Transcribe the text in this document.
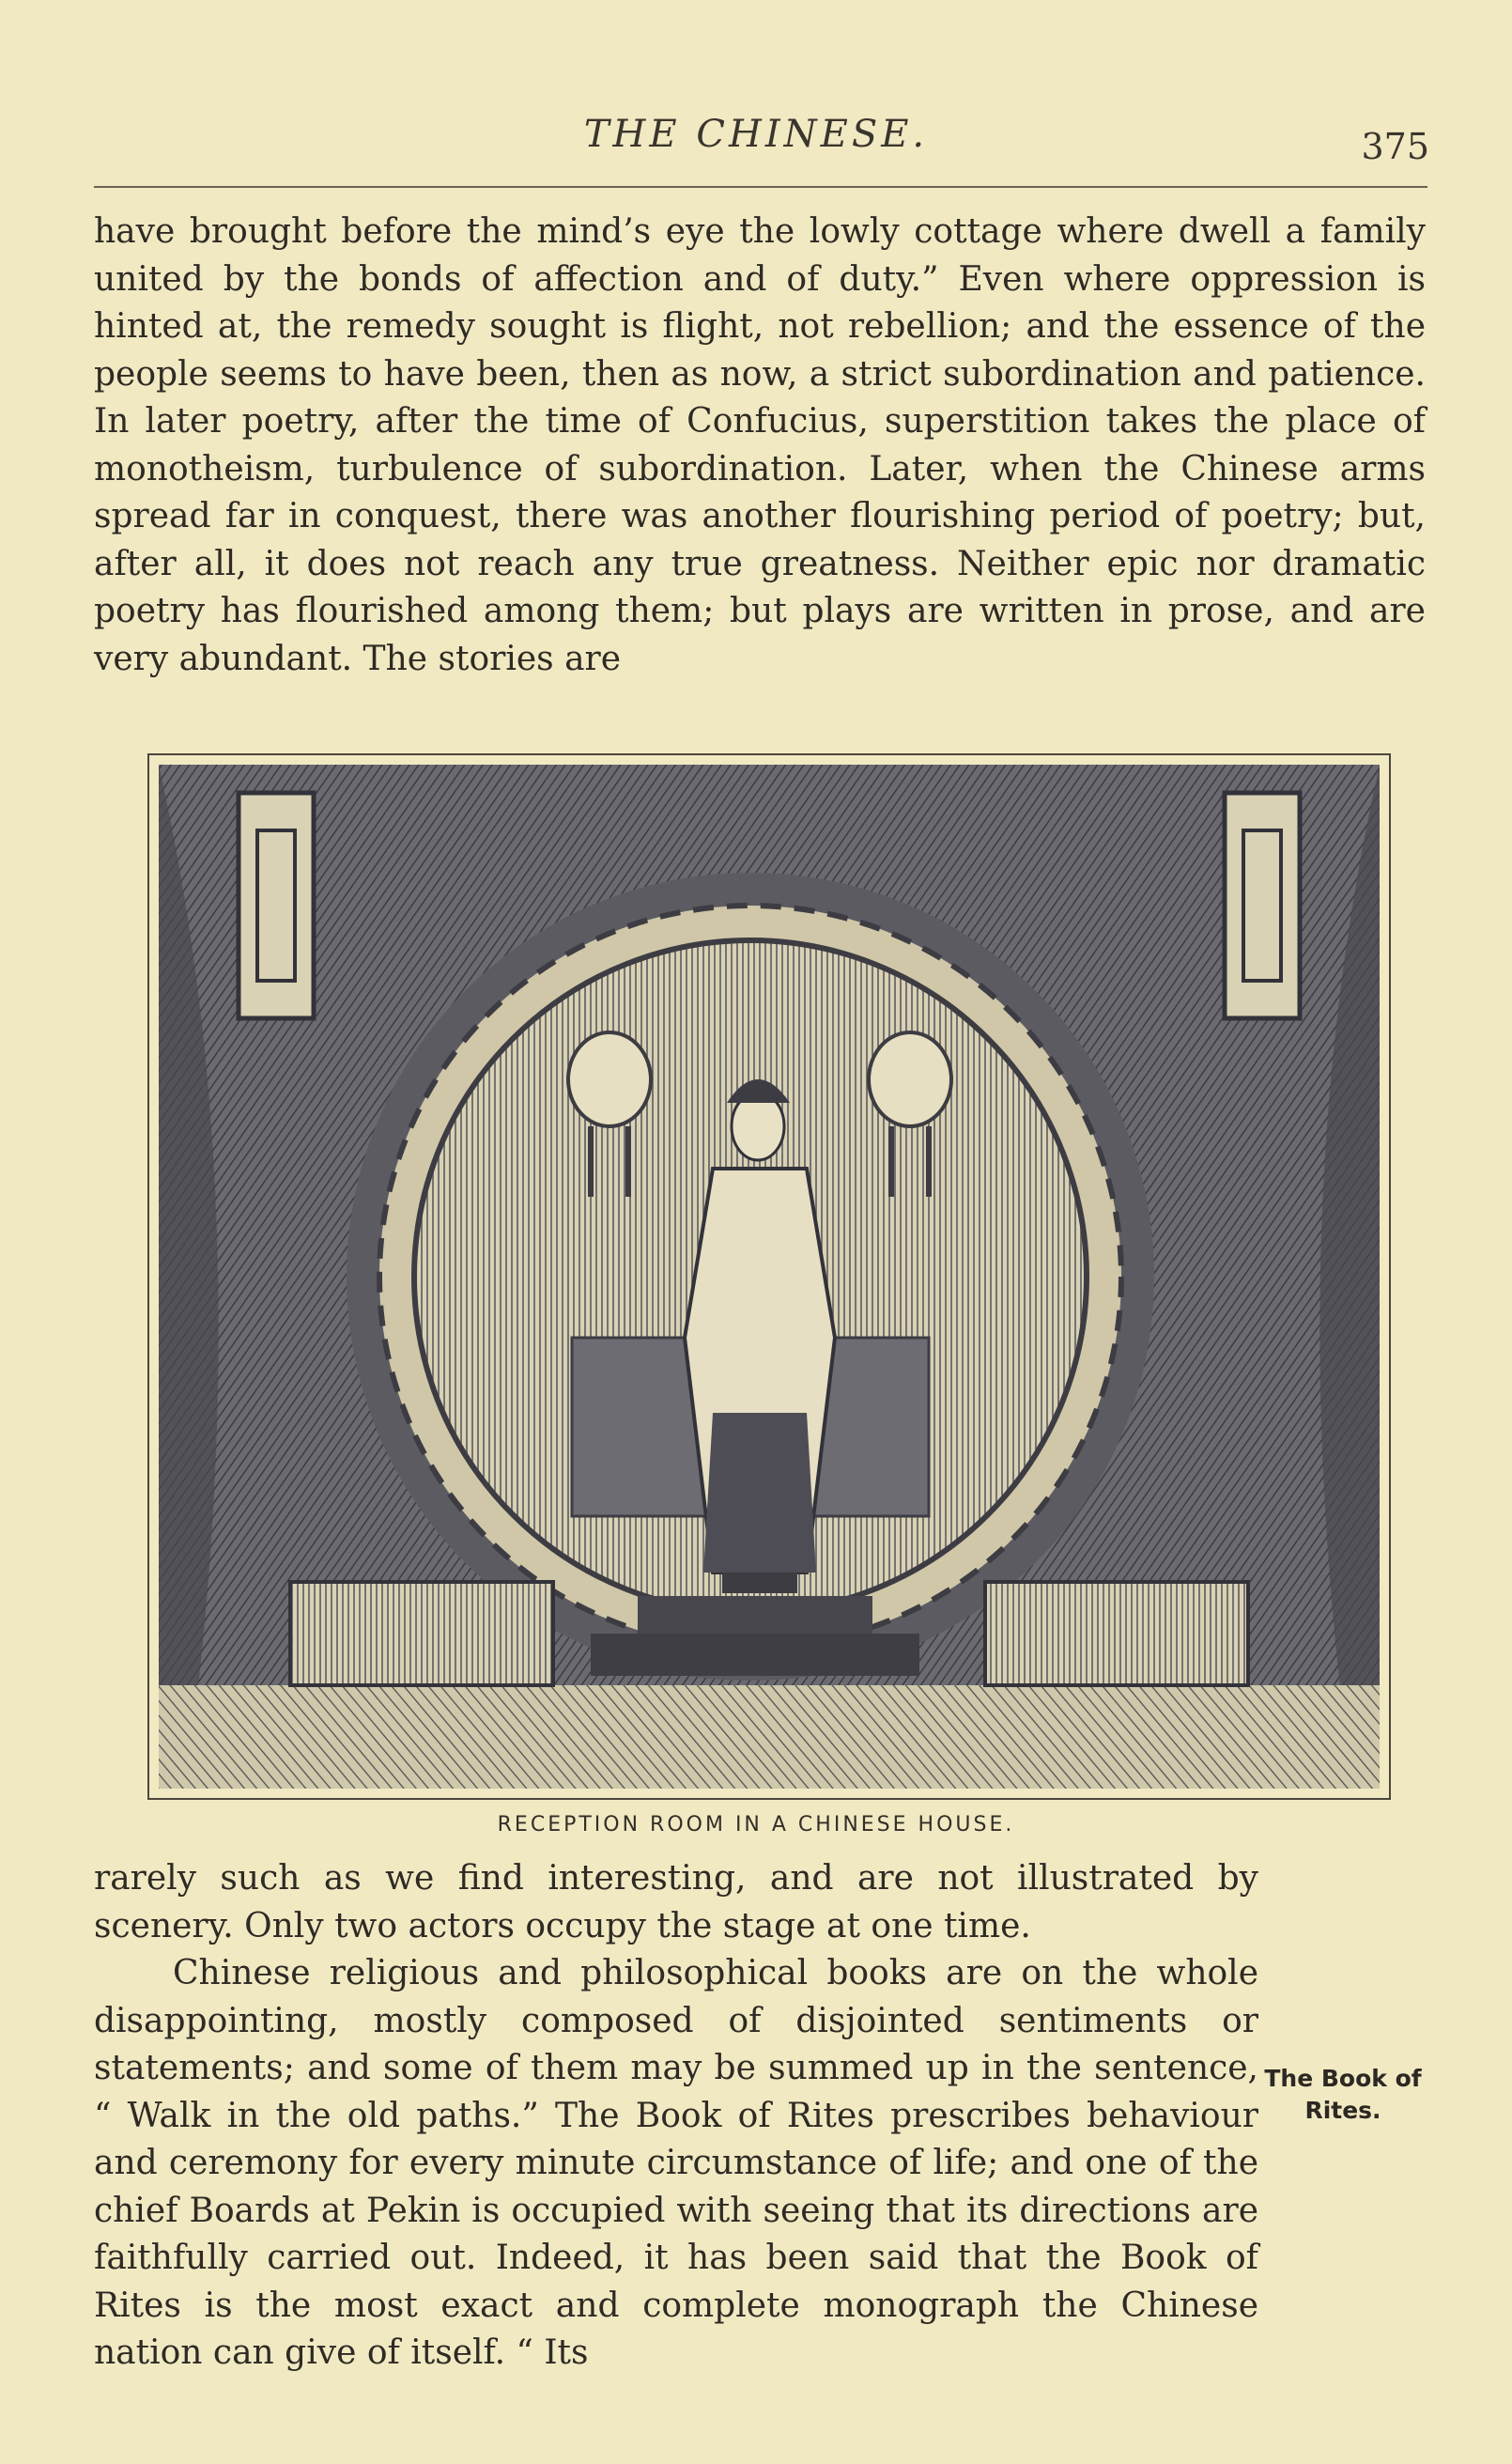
THE CHINESE.	375

have brought before the mind’s eye the lowly cottage where dwell a family united by the bonds of affection and of duty.” Even where oppression is hinted at, the remedy sought is flight, not rebellion; and the essence of the people seems to have been, then as now, a strict subordination and patience. In later poetry, after the time of Confucius, superstition takes the place of monotheism, turbulence of subordination. Later, when the Chinese arms spread far in conquest, there was another flourishing period of poetry; but, after all, it does not reach any true greatness. Neither epic nor dramatic poetry has flourished among them; but plays are written in prose, and are very abundant. The stories are

RECEPTION ROOM IN A CHINESE HOUSE.

rarely such as we find interesting, and are not illustrated by scenery. Only two actors occupy the stage at one time.

Chinese religious and philosophical books are on the whole disappointing, mostly composed of disjointed sentiments or statements; and some of them may be summed up in the sentence, “ Walk in the old paths.” The Book of Rites prescribes behaviour and ceremony for every minute circumstance of life; and one of the chief Boards at Pekin is occupied with seeing that its directions are faithfully carried out. Indeed, it has been said that the Book of Rites is the most exact and complete monograph the Chinese nation can give of itself. “ Its

The Book of
Rites.
